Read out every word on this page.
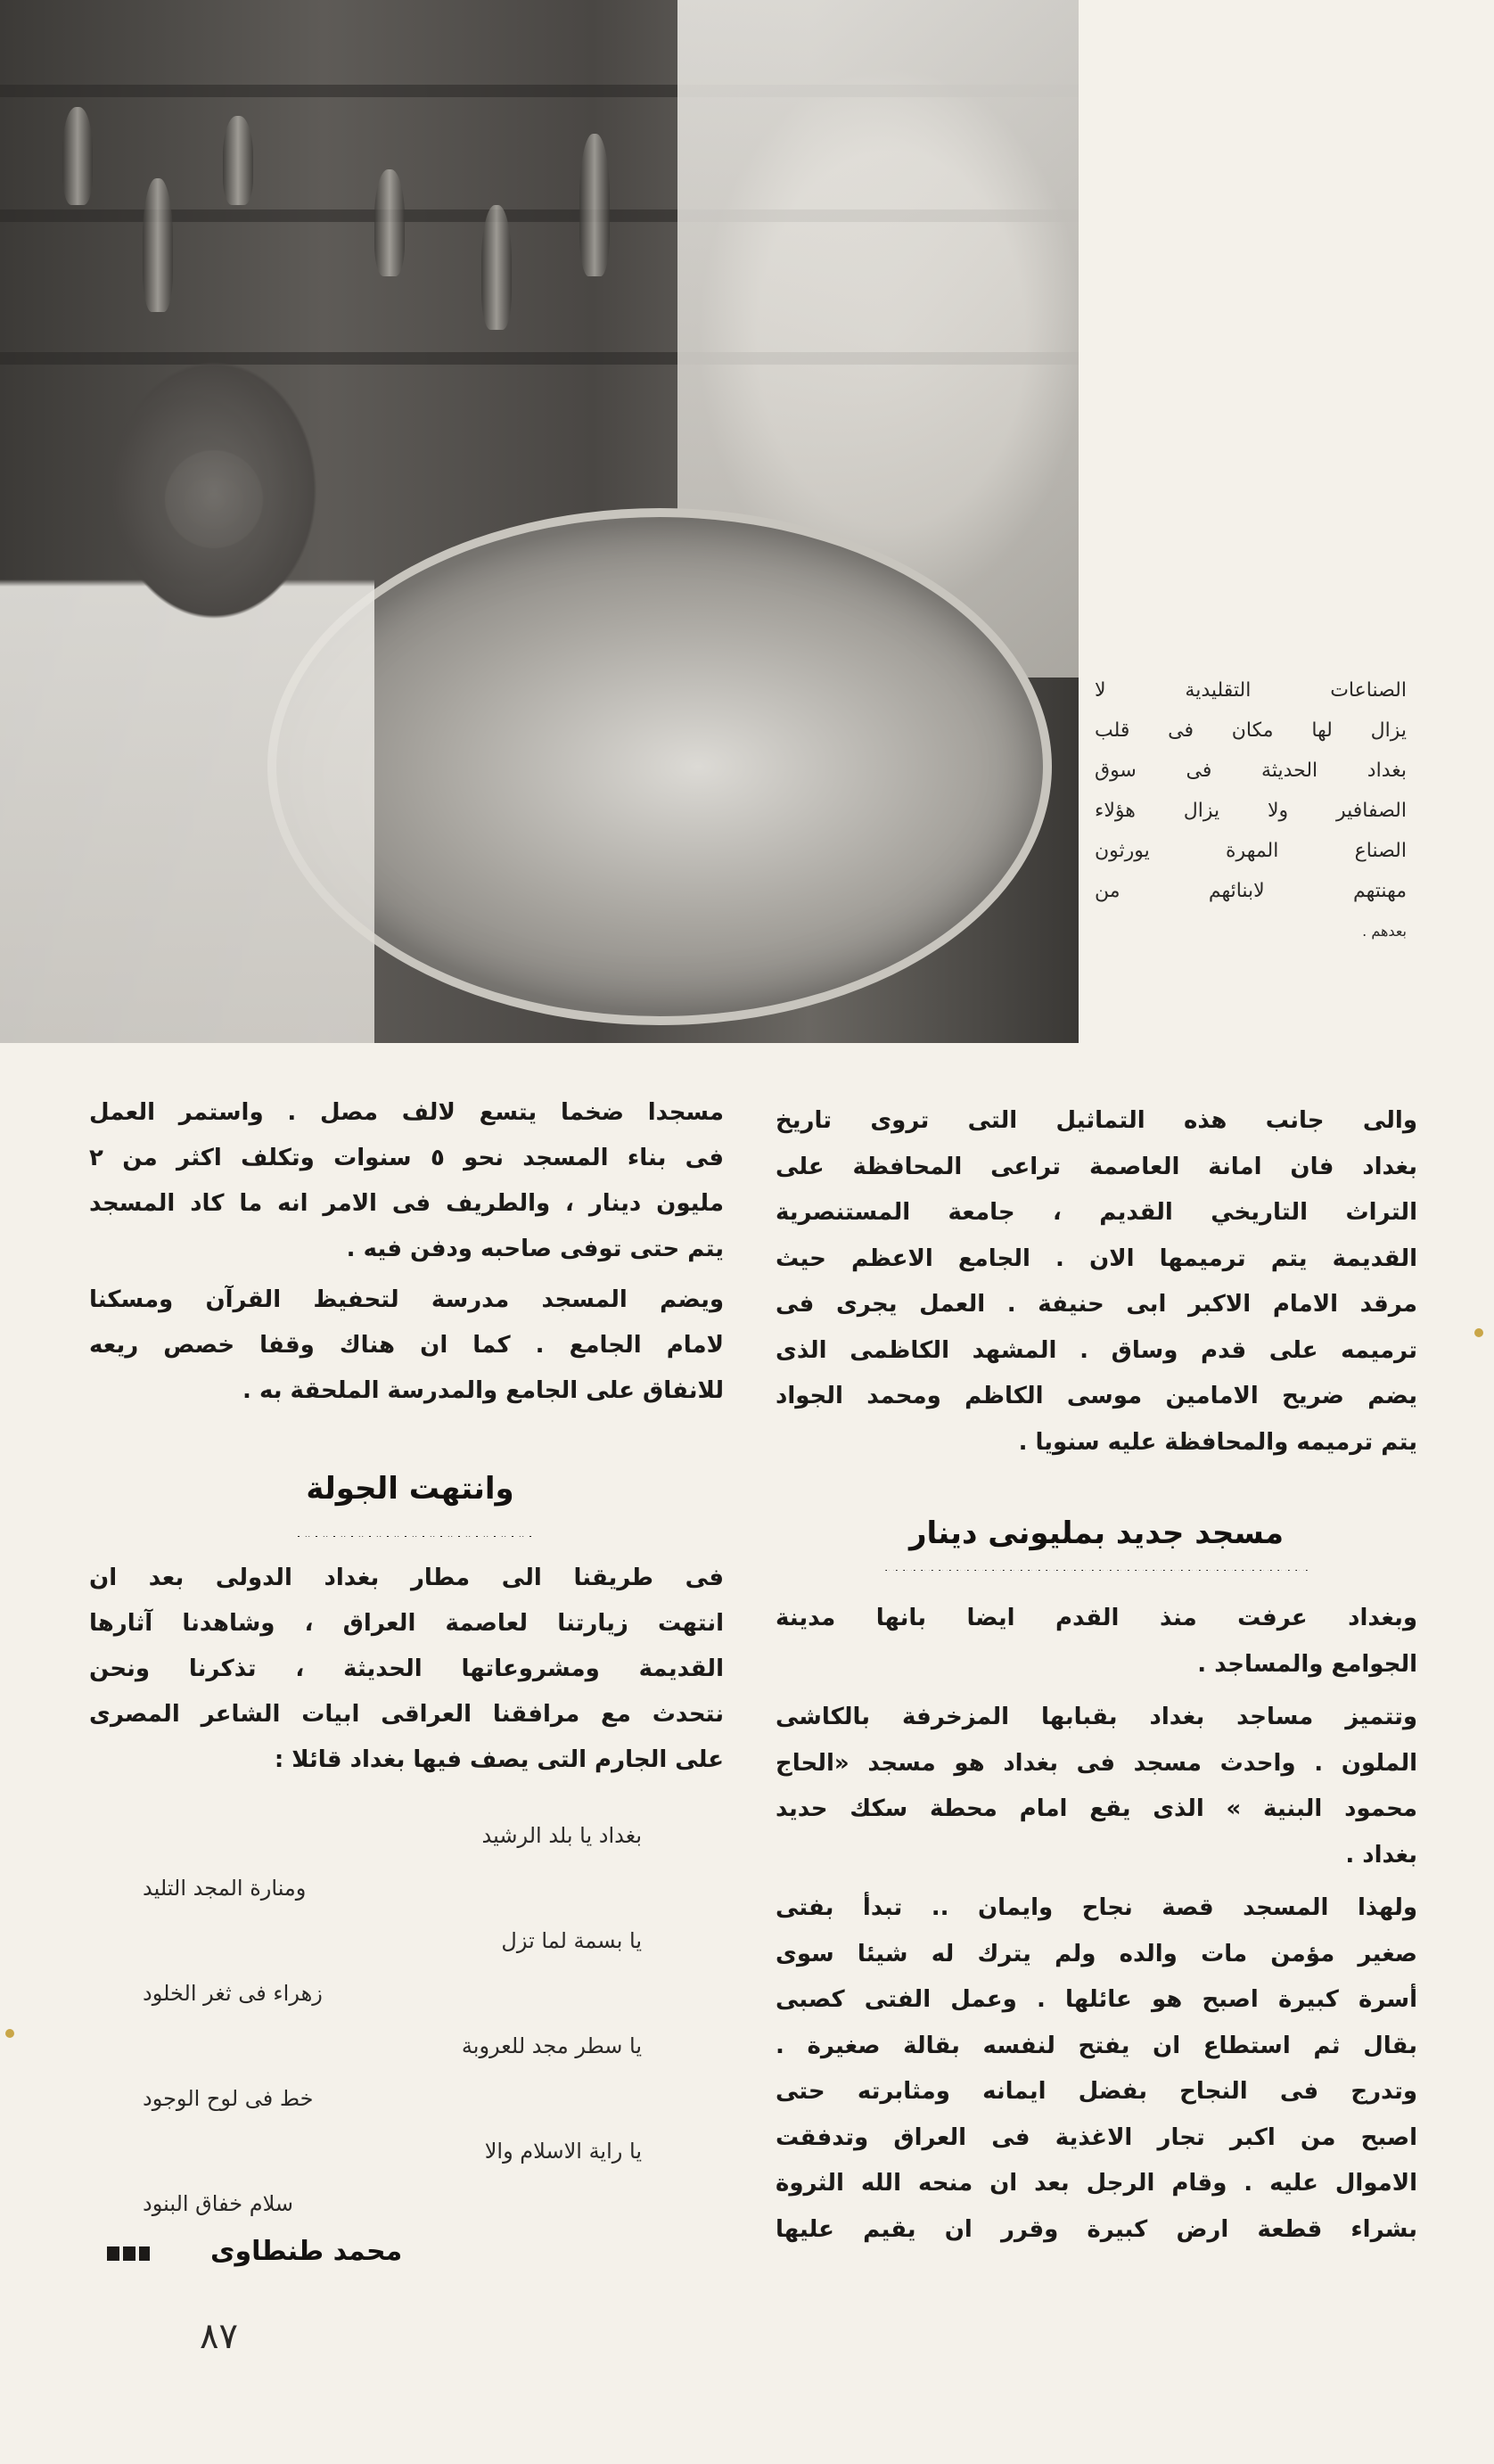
الصناعات التقليدية لا
يزال لها مكان فى قلب
بغداد الحديثة فى سوق
الصفافير ولا يزال هؤلاء
الصناع المهرة يورثون
مهنتهم لابنائهم من
بعدهم .
والى جانب هذه التماثيل التى تروى تاريخ
بغداد فان امانة العاصمة تراعى المحافظة على
التراث التاريخي القديم ، جامعة المستنصرية
القديمة يتم ترميمها الان . الجامع الاعظم حيث
مرقد الامام الاكبر ابى حنيفة . العمل يجرى فى
ترميمه على قدم وساق . المشهد الكاظمى الذى
يضم ضريح الامامين موسى الكاظم ومحمد الجواد
يتم ترميمه والمحافظة عليه سنويا .
مسجد جديد بمليونى دينار
وبغداد عرفت منذ القدم ايضا بانها مدينة
الجوامع والمساجد .
وتتميز مساجد بغداد بقبابها المزخرفة بالكاشى
الملون . واحدث مسجد فى بغداد هو مسجد «الحاج
محمود البنية » الذى يقع امام محطة سكك حديد
بغداد .
ولهذا المسجد قصة نجاح وايمان .. تبدأ بفتى
صغير مؤمن مات والده ولم يترك له شيئا سوى
أسرة كبيرة اصبح هو عائلها . وعمل الفتى كصبى
بقال ثم استطاع ان يفتح لنفسه بقالة صغيرة .
وتدرج فى النجاح بفضل ايمانه ومثابرته حتى
اصبح من اكبر تجار الاغذية فى العراق وتدفقت
الاموال عليه . وقام الرجل بعد ان منحه الله الثروة
بشراء قطعة ارض كبيرة وقرر ان يقيم عليها
مسجدا ضخما يتسع لالف مصل . واستمر العمل
فى بناء المسجد نحو ٥ سنوات وتكلف اكثر من ٢
مليون دينار ، والطريف فى الامر انه ما كاد المسجد
يتم حتى توفى صاحبه ودفن فيه .
ويضم المسجد مدرسة لتحفيظ القرآن ومسكنا
لامام الجامع . كما ان هناك وقفا خصص ريعه
للانفاق على الجامع والمدرسة الملحقة به .
وانتهت الجولة
فى طريقنا الى مطار بغداد الدولى بعد ان
انتهت زيارتنا لعاصمة العراق ، وشاهدنا آثارها
القديمة ومشروعاتها الحديثة ، تذكرنا ونحن
نتحدث مع مرافقنا العراقى ابيات الشاعر المصرى
على الجارم التى يصف فيها بغداد قائلا :
بغداد يا بلد الرشيد
ومنارة المجد التليد
يا بسمة لما تزل
زهراء فى ثغر الخلود
يا سطر مجد للعروبة
خط فى لوح الوجود
يا راية الاسلام والا
سلام خفاق البنود
محمد طنطاوى
٨٧
